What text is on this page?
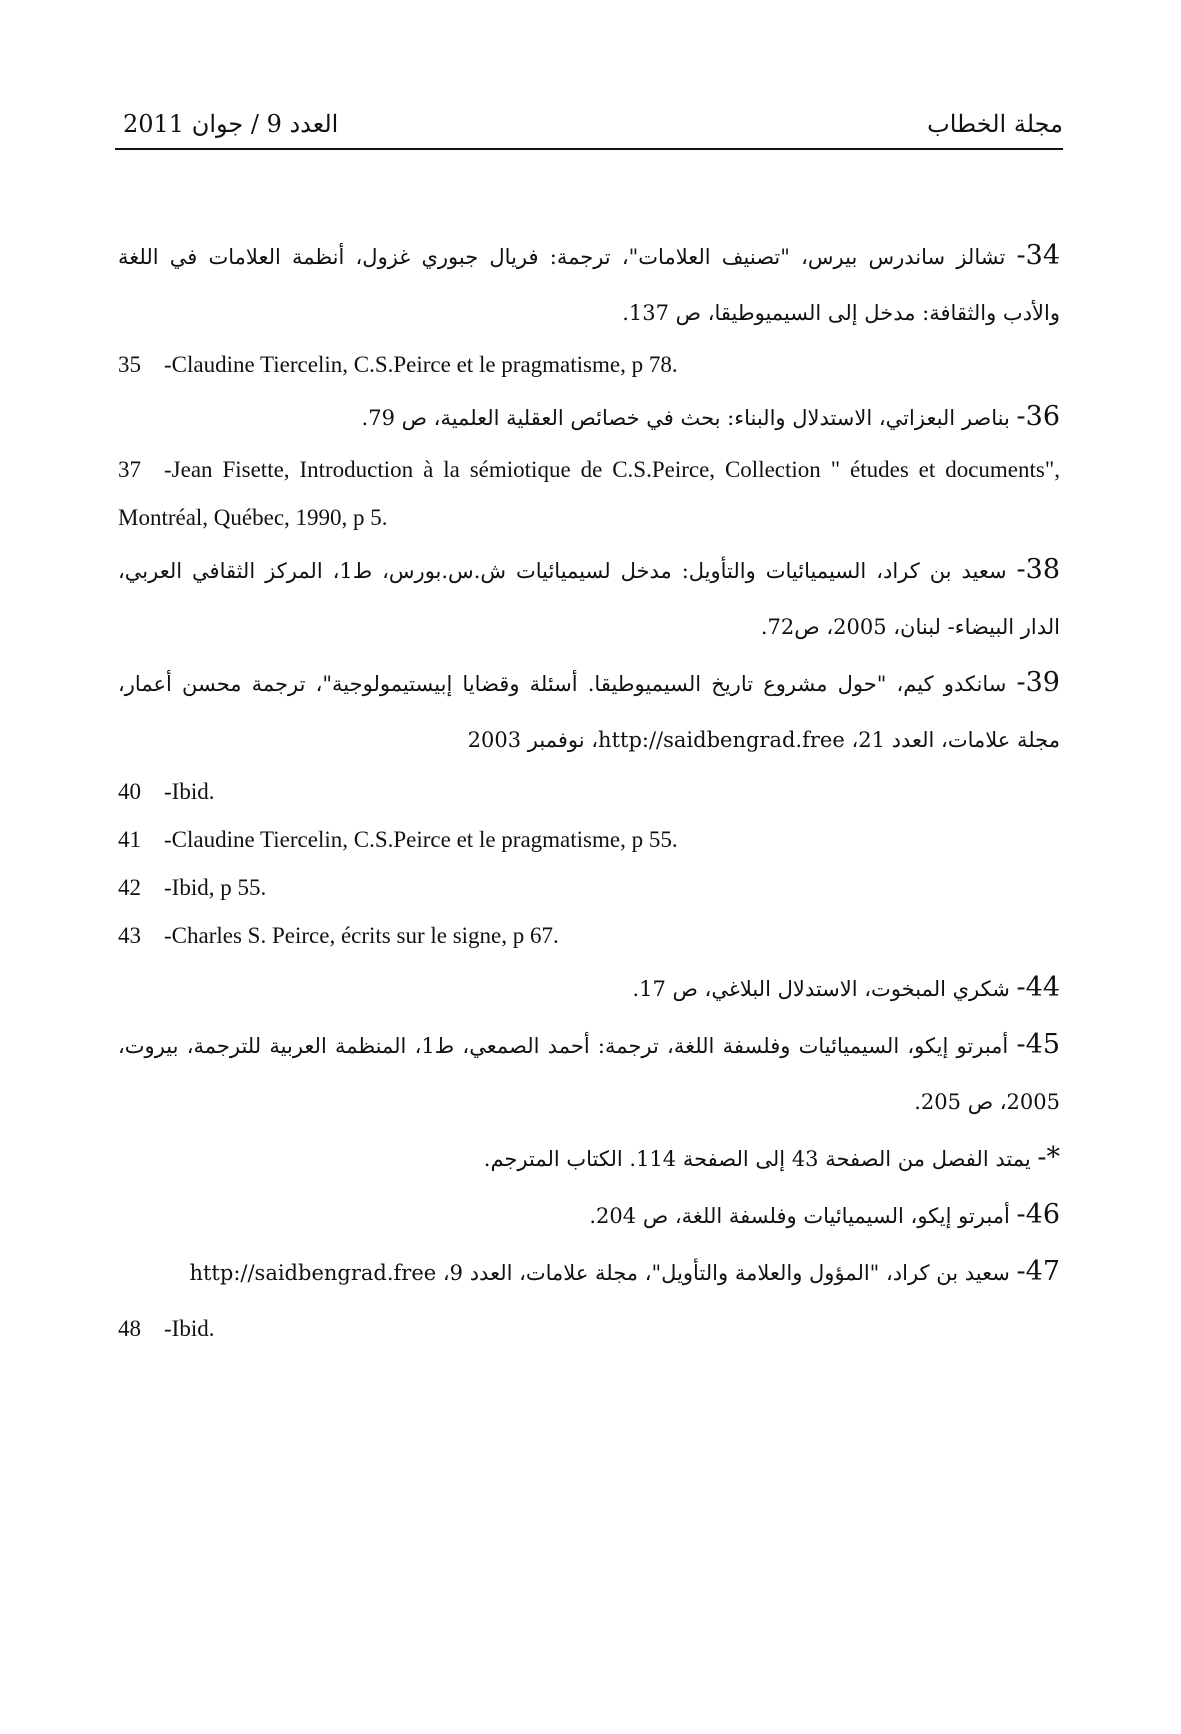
مجلة الخطاب
العدد 9 / جوان 2011
34 - تشالز ساندرس بيرس، "تصنيف العلامات"، ترجمة: فريال جبوري غزول، أنظمة العلامات في اللغة والأدب والثقافة: مدخل إلى السيميوطيقا، ص 137.
35 - Claudine Tiercelin, C.S.Peirce et le pragmatisme, p 78.
36 - بناصر البعزاتي، الاستدلال والبناء: بحث في خصائص العقلية العلمية، ص 79.
37 - Jean Fisette, Introduction à la sémiotique de C.S.Peirce, Collection " études et documents", Montréal, Québec, 1990, p 5.
38 - سعيد بن كراد، السيميائيات والتأويل: مدخل لسيميائيات ش.س.بورس، ط1، المركز الثقافي العربي، الدار البيضاء- لبنان، 2005، ص72.
39 - سانكدو كيم، "حول مشروع تاريخ السيميوطيقا. أسئلة وقضايا إبيستيمولوجية"، ترجمة محسن أعمار، مجلة علامات، العدد 21، http://saidbengrad.free، نوفمبر 2003
40 - Ibid.
41 - Claudine Tiercelin, C.S.Peirce et le pragmatisme, p 55.
42 - Ibid, p 55.
43 - Charles S. Peirce, écrits sur le signe, p 67.
44 - شكري المبخوت، الاستدلال البلاغي، ص 17.
45 - أمبرتو إيكو، السيميائيات وفلسفة اللغة، ترجمة: أحمد الصمعي، ط1، المنظمة العربية للترجمة، بيروت، 2005، ص 205.
* - يمتد الفصل من الصفحة 43 إلى الصفحة 114. الكتاب المترجم.
46 - أمبرتو إيكو، السيميائيات وفلسفة اللغة، ص 204.
47 - سعيد بن كراد، "المؤول والعلامة والتأويل"، مجلة علامات، العدد 9، http://saidbengrad.free
48 - Ibid.
